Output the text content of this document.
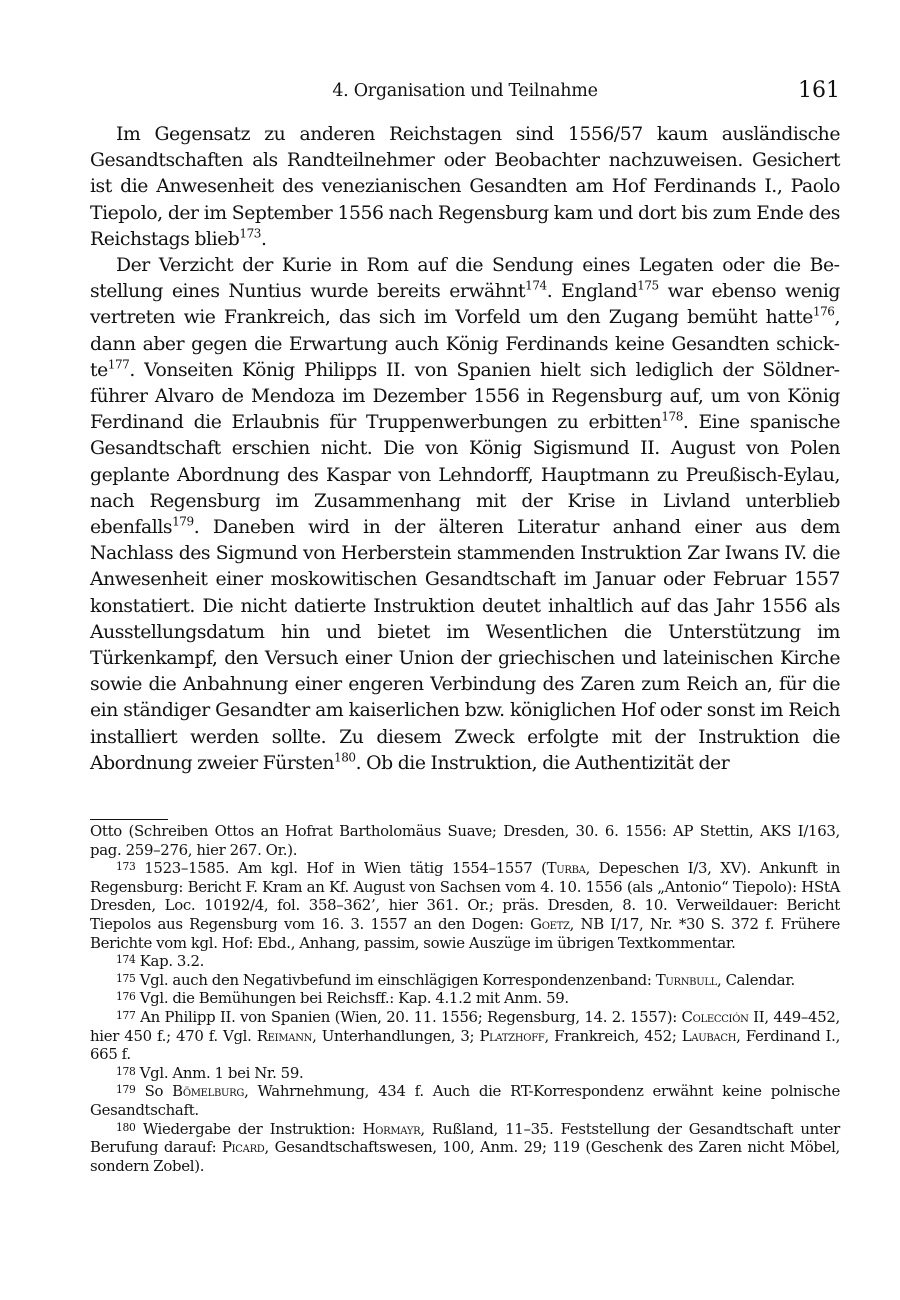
4. Organisation und Teilnahme	161

Im Gegensatz zu anderen Reichstagen sind 1556/57 kaum ausländische Gesandtschaften als Randteilnehmer oder Beobachter nachzuweisen. Gesichert ist die Anwesenheit des venezianischen Gesandten am Hof Ferdinands I., Paolo Tiepolo, der im September 1556 nach Regensburg kam und dort bis zum Ende des Reichstags blieb$^{173}$.

Der Verzicht der Kurie in Rom auf die Sendung eines Legaten oder die Bestellung eines Nuntius wurde bereits erwähnt$^{174}$. England$^{175}$ war ebenso wenig vertreten wie Frankreich, das sich im Vorfeld um den Zugang bemüht hatte$^{176}$, dann aber gegen die Erwartung auch König Ferdinands keine Gesandten schickte$^{177}$. Vonseiten König Philipps II. von Spanien hielt sich lediglich der Söldnerführer Alvaro de Mendoza im Dezember 1556 in Regensburg auf, um von König Ferdinand die Erlaubnis für Truppenwerbungen zu erbitten$^{178}$. Eine spanische Gesandtschaft erschien nicht. Die von König Sigismund II. August von Polen geplante Abordnung des Kaspar von Lehndorff, Hauptmann zu Preußisch-Eylau, nach Regensburg im Zusammenhang mit der Krise in Livland unterblieb ebenfalls$^{179}$. Daneben wird in der älteren Literatur anhand einer aus dem Nachlass des Sigmund von Herberstein stammenden Instruktion Zar Iwans IV. die Anwesenheit einer moskowitischen Gesandtschaft im Januar oder Februar 1557 konstatiert. Die nicht datierte Instruktion deutet inhaltlich auf das Jahr 1556 als Ausstellungsdatum hin und bietet im Wesentlichen die Unterstützung im Türkenkampf, den Versuch einer Union der griechischen und lateinischen Kirche sowie die Anbahnung einer engeren Verbindung des Zaren zum Reich an, für die ein ständiger Gesandter am kaiserlichen bzw. königlichen Hof oder sonst im Reich installiert werden sollte. Zu diesem Zweck erfolgte mit der Instruktion die Abordnung zweier Fürsten$^{180}$. Ob die Instruktion, die Authentizität der

Otto (Schreiben Ottos an Hofrat Bartholomäus Suave; Dresden, 30. 6. 1556: AP Stettin, AKS I/163, pag. 259–276, hier 267. Or.).

$^{173}$ 1523–1585. Am kgl. Hof in Wien tätig 1554–1557 (Turba, Depeschen I/3, XV). Ankunft in Regensburg: Bericht F. Kram an Kf. August von Sachsen vom 4. 10. 1556 (als „Antonio“ Tiepolo): HStA Dresden, Loc. 10192/4, fol. 358–362’, hier 361. Or.; präs. Dresden, 8. 10. Verweildauer: Bericht Tiepolos aus Regensburg vom 16. 3. 1557 an den Dogen: Goetz, NB I/17, Nr. *30 S. 372 f. Frühere Berichte vom kgl. Hof: Ebd., Anhang, passim, sowie Auszüge im übrigen Textkommentar.

$^{174}$ Kap. 3.2.

$^{175}$ Vgl. auch den Negativbefund im einschlägigen Korrespondenzenband: Turnbull, Calendar.

$^{176}$ Vgl. die Bemühungen bei Reichsff.: Kap. 4.1.2 mit Anm. 59.

$^{177}$ An Philipp II. von Spanien (Wien, 20. 11. 1556; Regensburg, 14. 2. 1557): Colección II, 449–452, hier 450 f.; 470 f. Vgl. Reimann, Unterhandlungen, 3; Platzhoff, Frankreich, 452; Laubach, Ferdinand I., 665 f.

$^{178}$ Vgl. Anm. 1 bei Nr. 59.

$^{179}$ So Bömelburg, Wahrnehmung, 434 f. Auch die RT-Korrespondenz erwähnt keine polnische Gesandtschaft.

$^{180}$ Wiedergabe der Instruktion: Hormayr, Rußland, 11–35. Feststellung der Gesandtschaft unter Berufung darauf: Picard, Gesandtschaftswesen, 100, Anm. 29; 119 (Geschenk des Zaren nicht Möbel, sondern Zobel).
